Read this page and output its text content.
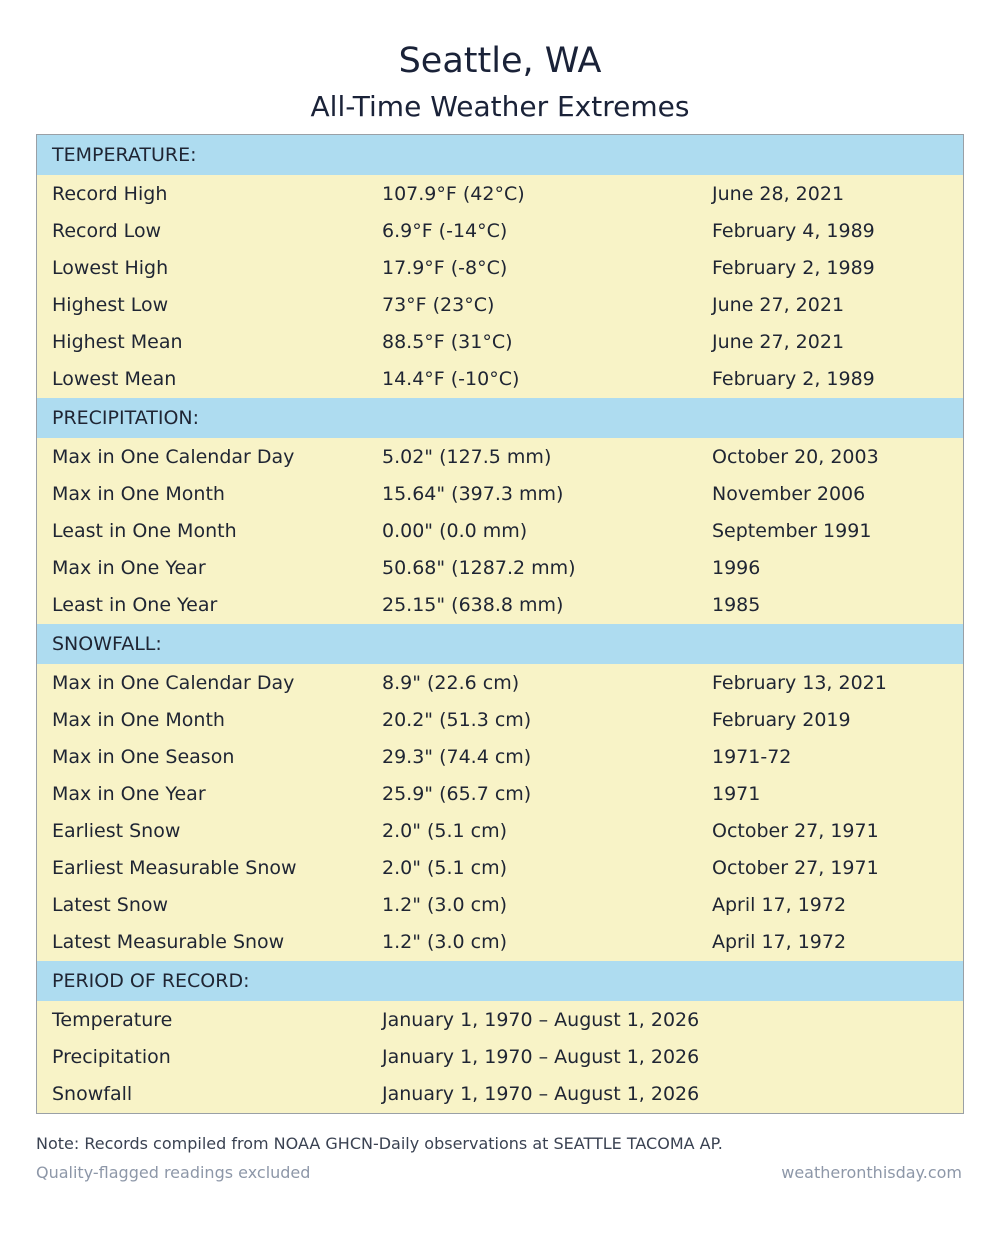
Seattle, WA
All-Time Weather Extremes
TEMPERATURE:
Record High	107.9°F (42°C)	June 28, 2021
Record Low	6.9°F (-14°C)	February 4, 1989
Lowest High	17.9°F (-8°C)	February 2, 1989
Highest Low	73°F (23°C)	June 27, 2021
Highest Mean	88.5°F (31°C)	June 27, 2021
Lowest Mean	14.4°F (-10°C)	February 2, 1989
PRECIPITATION:
Max in One Calendar Day	5.02" (127.5 mm)	October 20, 2003
Max in One Month	15.64" (397.3 mm)	November 2006
Least in One Month	0.00" (0.0 mm)	September 1991
Max in One Year	50.68" (1287.2 mm)	1996
Least in One Year	25.15" (638.8 mm)	1985
SNOWFALL:
Max in One Calendar Day	8.9" (22.6 cm)	February 13, 2021
Max in One Month	20.2" (51.3 cm)	February 2019
Max in One Season	29.3" (74.4 cm)	1971-72
Max in One Year	25.9" (65.7 cm)	1971
Earliest Snow	2.0" (5.1 cm)	October 27, 1971
Earliest Measurable Snow	2.0" (5.1 cm)	October 27, 1971
Latest Snow	1.2" (3.0 cm)	April 17, 1972
Latest Measurable Snow	1.2" (3.0 cm)	April 17, 1972
PERIOD OF RECORD:
Temperature	January 1, 1970 – August 1, 2026
Precipitation	January 1, 1970 – August 1, 2026
Snowfall	January 1, 1970 – August 1, 2026
Note: Records compiled from NOAA GHCN-Daily observations at SEATTLE TACOMA AP.
Quality-flagged readings excluded	weatheronthisday.com
